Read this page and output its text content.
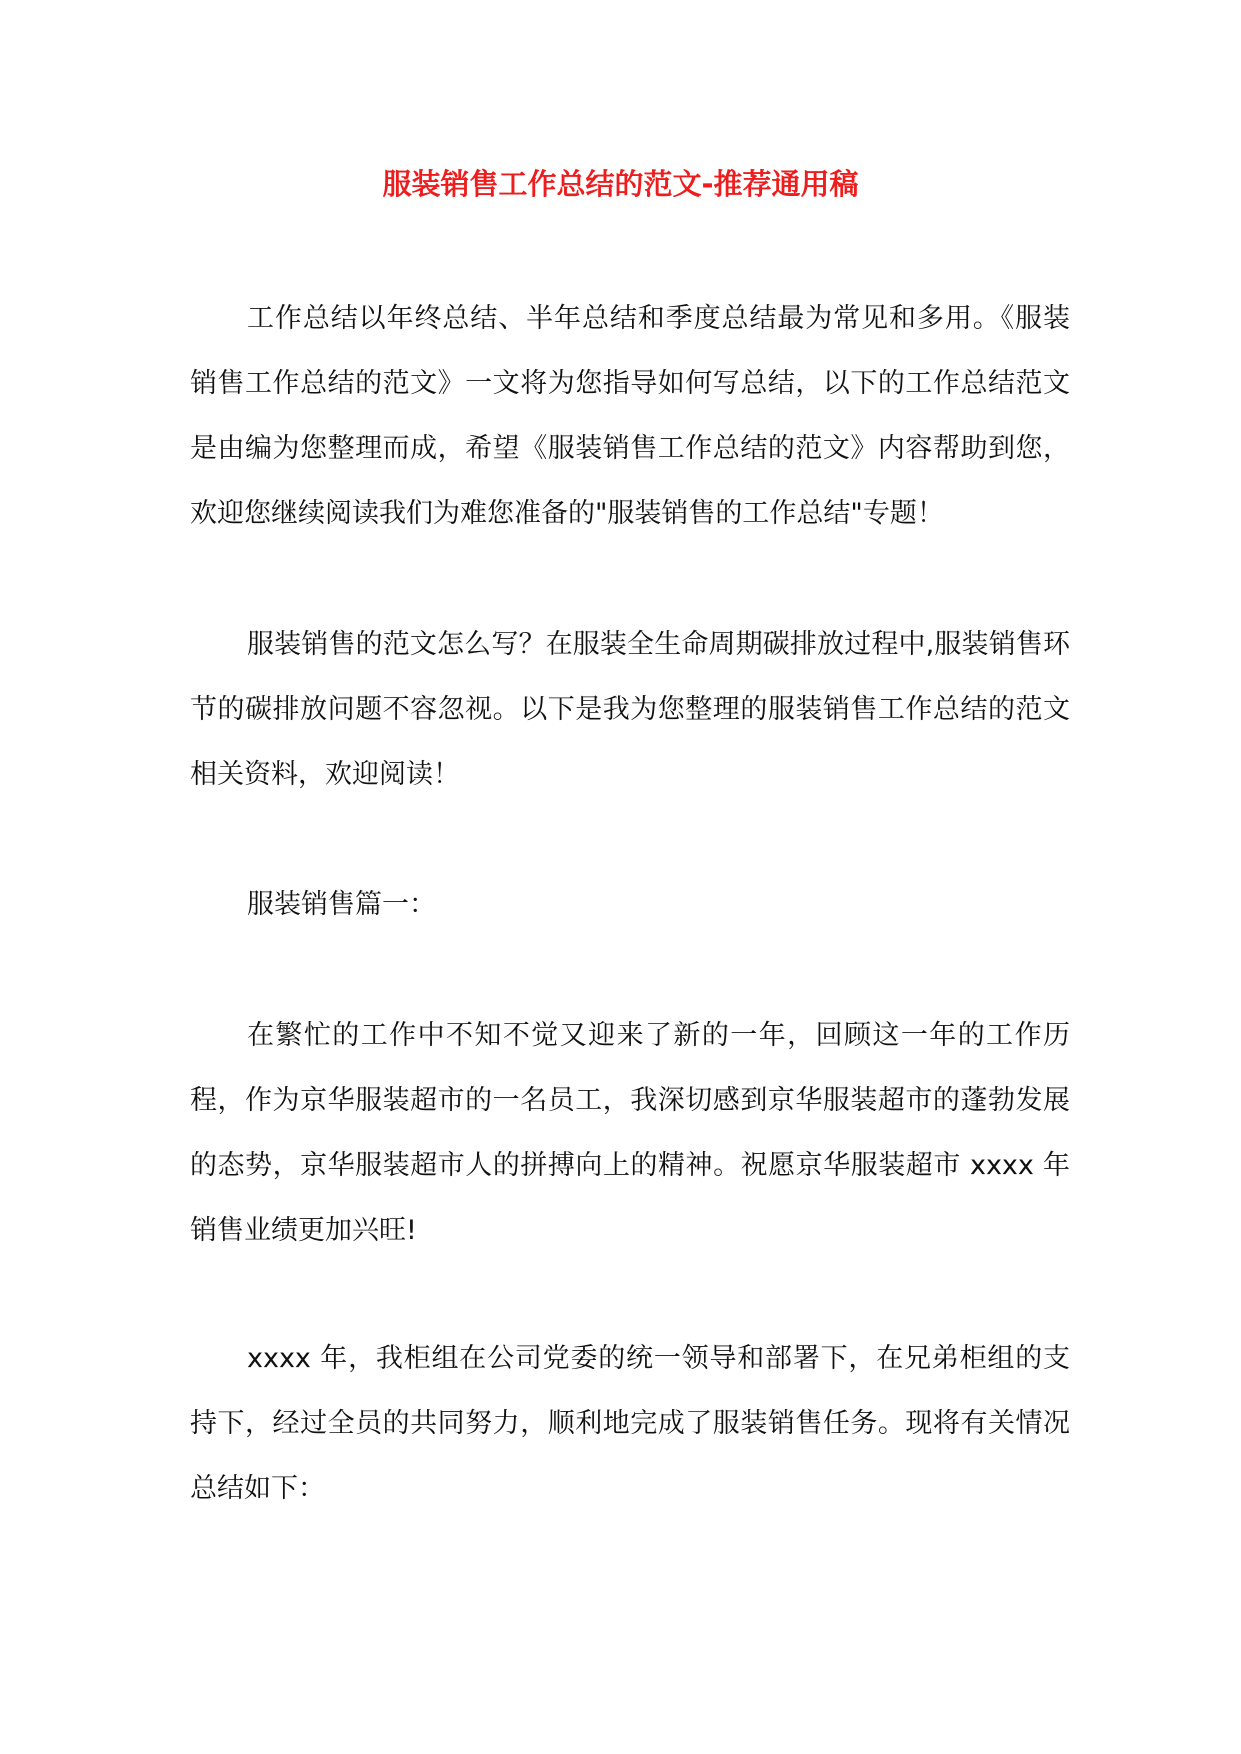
服装销售工作总结的范文-推荐通用稿

工作总结以年终总结、半年总结和季度总结最为常见和多用。《服装销售工作总结的范文》一文将为您指导如何写总结，以下的工作总结范文是由编为您整理而成，希望《服装销售工作总结的范文》内容帮助到您，欢迎您继续阅读我们为难您准备的"服装销售的工作总结"专题！

服装销售的范文怎么写？在服装全生命周期碳排放过程中,服装销售环节的碳排放问题不容忽视。以下是我为您整理的服装销售工作总结的范文相关资料，欢迎阅读！

服装销售篇一：

在繁忙的工作中不知不觉又迎来了新的一年，回顾这一年的工作历程，作为京华服装超市的一名员工，我深切感到京华服装超市的蓬勃发展的态势，京华服装超市人的拼搏向上的精神。祝愿京华服装超市 xxxx 年销售业绩更加兴旺!

xxxx 年，我柜组在公司党委的统一领导和部署下，在兄弟柜组的支持下，经过全员的共同努力，顺利地完成了服装销售任务。现将有关情况总结如下：
